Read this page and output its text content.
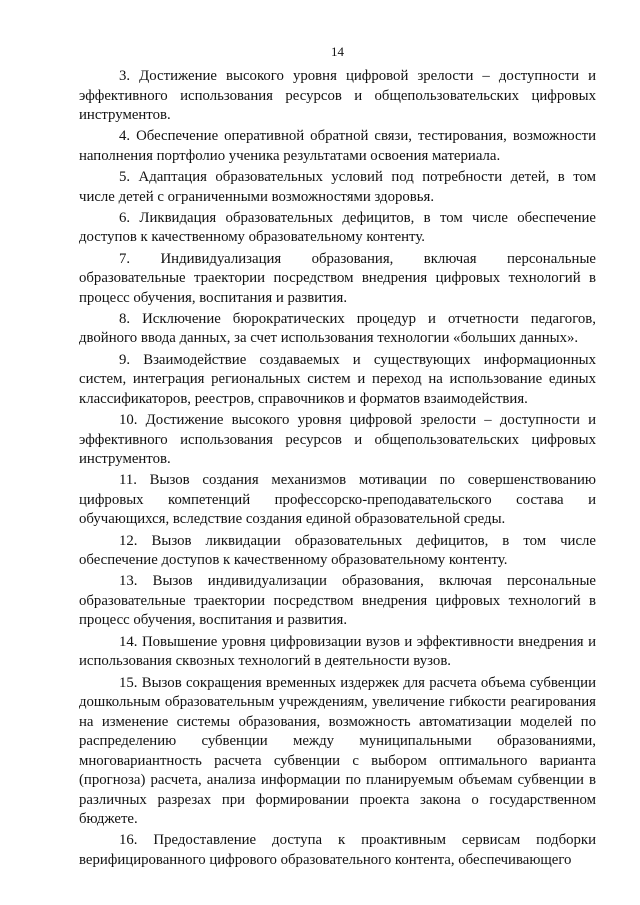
14

3. Достижение высокого уровня цифровой зрелости – доступности и эффективного использования ресурсов и общепользовательских цифровых инструментов.

4. Обеспечение оперативной обратной связи, тестирования, возможности наполнения портфолио ученика результатами освоения материала.

5. Адаптация образовательных условий под потребности детей, в том числе детей с ограниченными возможностями здоровья.

6. Ликвидация образовательных дефицитов, в том числе обеспечение доступов к качественному образовательному контенту.

7. Индивидуализация образования, включая персональные образовательные траектории посредством внедрения цифровых технологий в процесс обучения, воспитания и развития.

8. Исключение бюрократических процедур и отчетности педагогов, двойного ввода данных, за счет использования технологии «больших данных».

9. Взаимодействие создаваемых и существующих информационных систем, интеграция региональных систем и переход на использование единых классификаторов, реестров, справочников и форматов взаимодействия.

10. Достижение высокого уровня цифровой зрелости – доступности и эффективного использования ресурсов и общепользовательских цифровых инструментов.

11. Вызов создания механизмов мотивации по совершенствованию цифровых компетенций профессорско-преподавательского состава и обучающихся, вследствие создания единой образовательной среды.

12. Вызов ликвидации образовательных дефицитов, в том числе обеспечение доступов к качественному образовательному контенту.

13. Вызов индивидуализации образования, включая персональные образовательные траектории посредством внедрения цифровых технологий в процесс обучения, воспитания и развития.

14. Повышение уровня цифровизации вузов и эффективности внедрения и использования сквозных технологий в деятельности вузов.

15. Вызов сокращения временных издержек для расчета объема субвенции дошкольным образовательным учреждениям, увеличение гибкости реагирования на изменение системы образования, возможность автоматизации моделей по распределению субвенции между муниципальными образованиями, многовариантность расчета субвенции с выбором оптимального варианта (прогноза) расчета, анализа информации по планируемым объемам субвенции в различных разрезах при формировании проекта закона о государственном бюджете.

16. Предоставление доступа к проактивным сервисам подборки верифицированного цифрового образовательного контента, обеспечивающего
